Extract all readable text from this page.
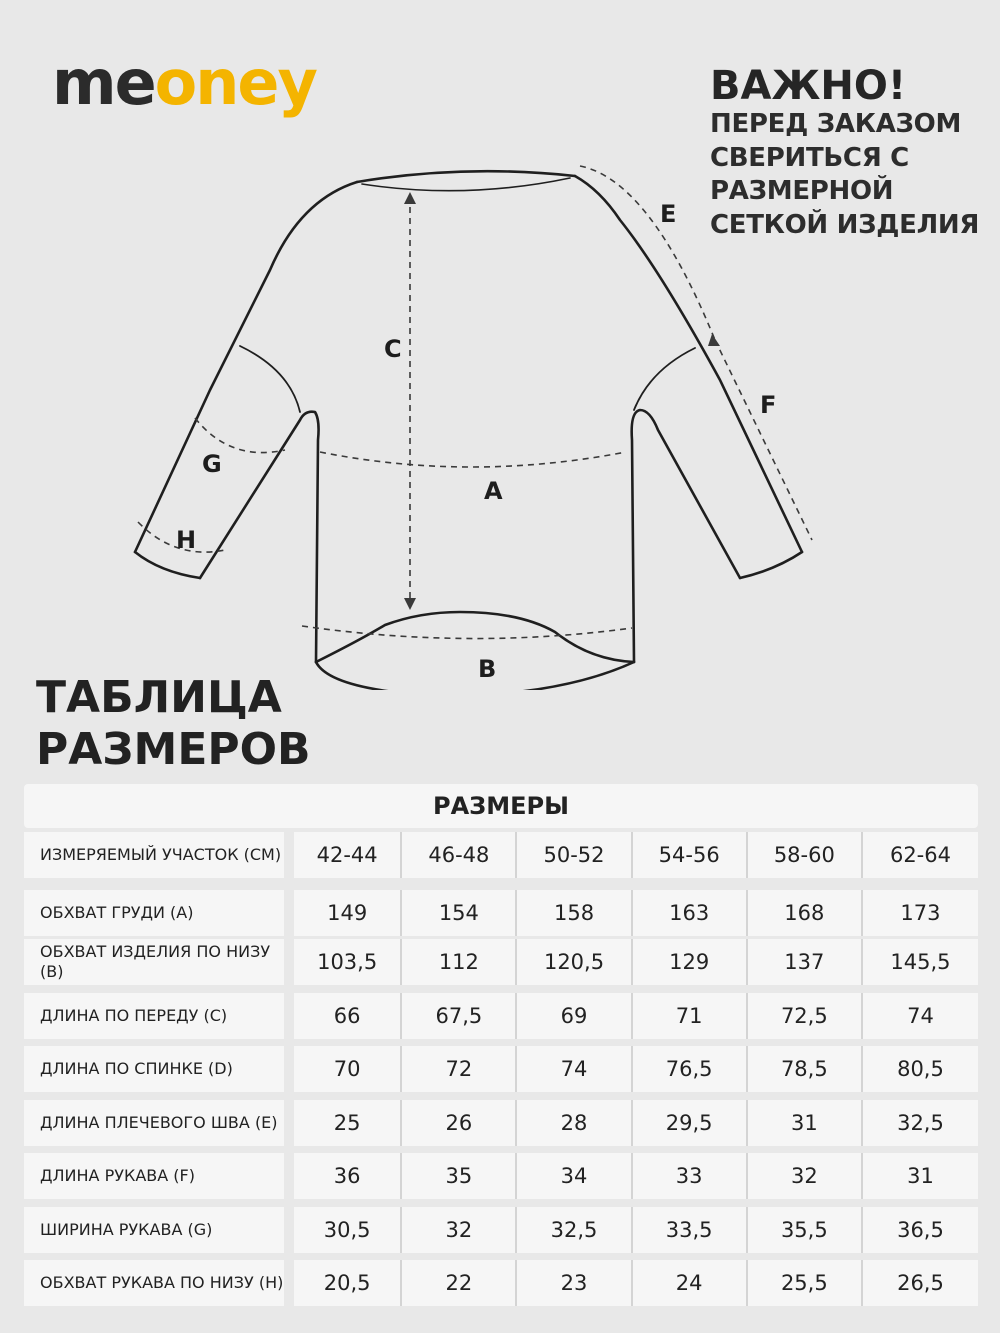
meoney	ВАЖНО!
ПЕРЕД ЗАКАЗОМ
СВЕРИТЬСЯ С
РАЗМЕРНОЙ
СЕТКОЙ ИЗДЕЛИЯ
C
A
B
E
F
G
H
ТАБЛИЦА
РАЗМЕРОВ
РАЗМЕРЫ
ИЗМЕРЯЕМЫЙ УЧАСТОК (СМ)	42-44	46-48	50-52	54-56	58-60	62-64
ОБХВАТ ГРУДИ (А)	149	154	158	163	168	173
ОБХВАТ ИЗДЕЛИЯ ПО НИЗУ (B)	103,5	112	120,5	129	137	145,5
ДЛИНА ПО ПЕРЕДУ (C)	66	67,5	69	71	72,5	74
ДЛИНА ПО СПИНКЕ (D)	70	72	74	76,5	78,5	80,5
ДЛИНА ПЛЕЧЕВОГО ШВА (E)	25	26	28	29,5	31	32,5
ДЛИНА РУКАВА (F)	36	35	34	33	32	31
ШИРИНА РУКАВА (G)	30,5	32	32,5	33,5	35,5	36,5
ОБХВАТ РУКАВА ПО НИЗУ (H)	20,5	22	23	24	25,5	26,5
